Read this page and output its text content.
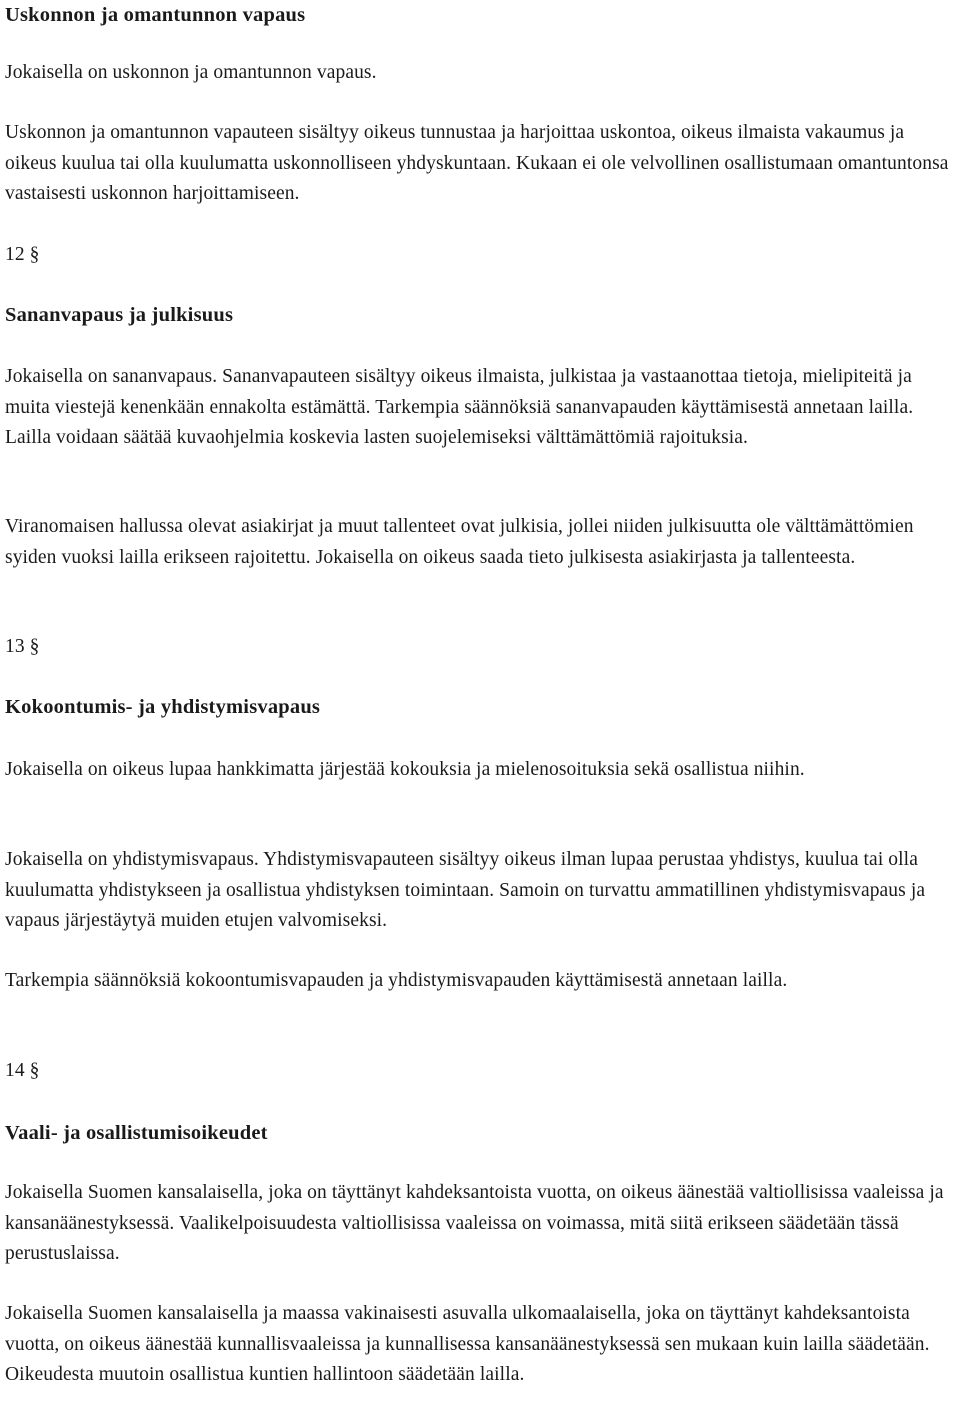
Uskonnon ja omantunnon vapaus

Jokaisella on uskonnon ja omantunnon vapaus.

Uskonnon ja omantunnon vapauteen sisältyy oikeus tunnustaa ja harjoittaa uskontoa, oikeus ilmaista vakaumus ja oikeus kuulua tai olla kuulumatta uskonnolliseen yhdyskuntaan. Kukaan ei ole velvollinen osallistumaan omantuntonsa vastaisesti uskonnon harjoittamiseen.

12 §
Sananvapaus ja julkisuus

Jokaisella on sananvapaus. Sananvapauteen sisältyy oikeus ilmaista, julkistaa ja vastaanottaa tietoja, mielipiteitä ja muita viestejä kenenkään ennakolta estämättä. Tarkempia säännöksiä sananvapauden käyttämisestä annetaan lailla. Lailla voidaan säätää kuvaohjelmia koskevia lasten suojelemiseksi välttämättömiä rajoituksia.

Viranomaisen hallussa olevat asiakirjat ja muut tallenteet ovat julkisia, jollei niiden julkisuutta ole välttämättömien syiden vuoksi lailla erikseen rajoitettu. Jokaisella on oikeus saada tieto julkisesta asiakirjasta ja tallenteesta.

13 §
Kokoontumis- ja yhdistymisvapaus

Jokaisella on oikeus lupaa hankkimatta järjestää kokouksia ja mielenosoituksia sekä osallistua niihin.

Jokaisella on yhdistymisvapaus. Yhdistymisvapauteen sisältyy oikeus ilman lupaa perustaa yhdistys, kuulua tai olla kuulumatta yhdistykseen ja osallistua yhdistyksen toimintaan. Samoin on turvattu ammatillinen yhdistymisvapaus ja vapaus järjestäytyä muiden etujen valvomiseksi.

Tarkempia säännöksiä kokoontumisvapauden ja yhdistymisvapauden käyttämisestä annetaan lailla.

14 §
Vaali- ja osallistumisoikeudet

Jokaisella Suomen kansalaisella, joka on täyttänyt kahdeksantoista vuotta, on oikeus äänestää valtiollisissa vaaleissa ja kansanäänestyksessä. Vaalikelpoisuudesta valtiollisissa vaaleissa on voimassa, mitä siitä erikseen säädetään tässä perustuslaissa.

Jokaisella Suomen kansalaisella ja maassa vakinaisesti asuvalla ulkomaalaisella, joka on täyttänyt kahdeksantoista vuotta, on oikeus äänestää kunnallisvaaleissa ja kunnallisessa kansanäänestyksessä sen mukaan kuin lailla säädetään. Oikeudesta muutoin osallistua kuntien hallintoon säädetään lailla.
